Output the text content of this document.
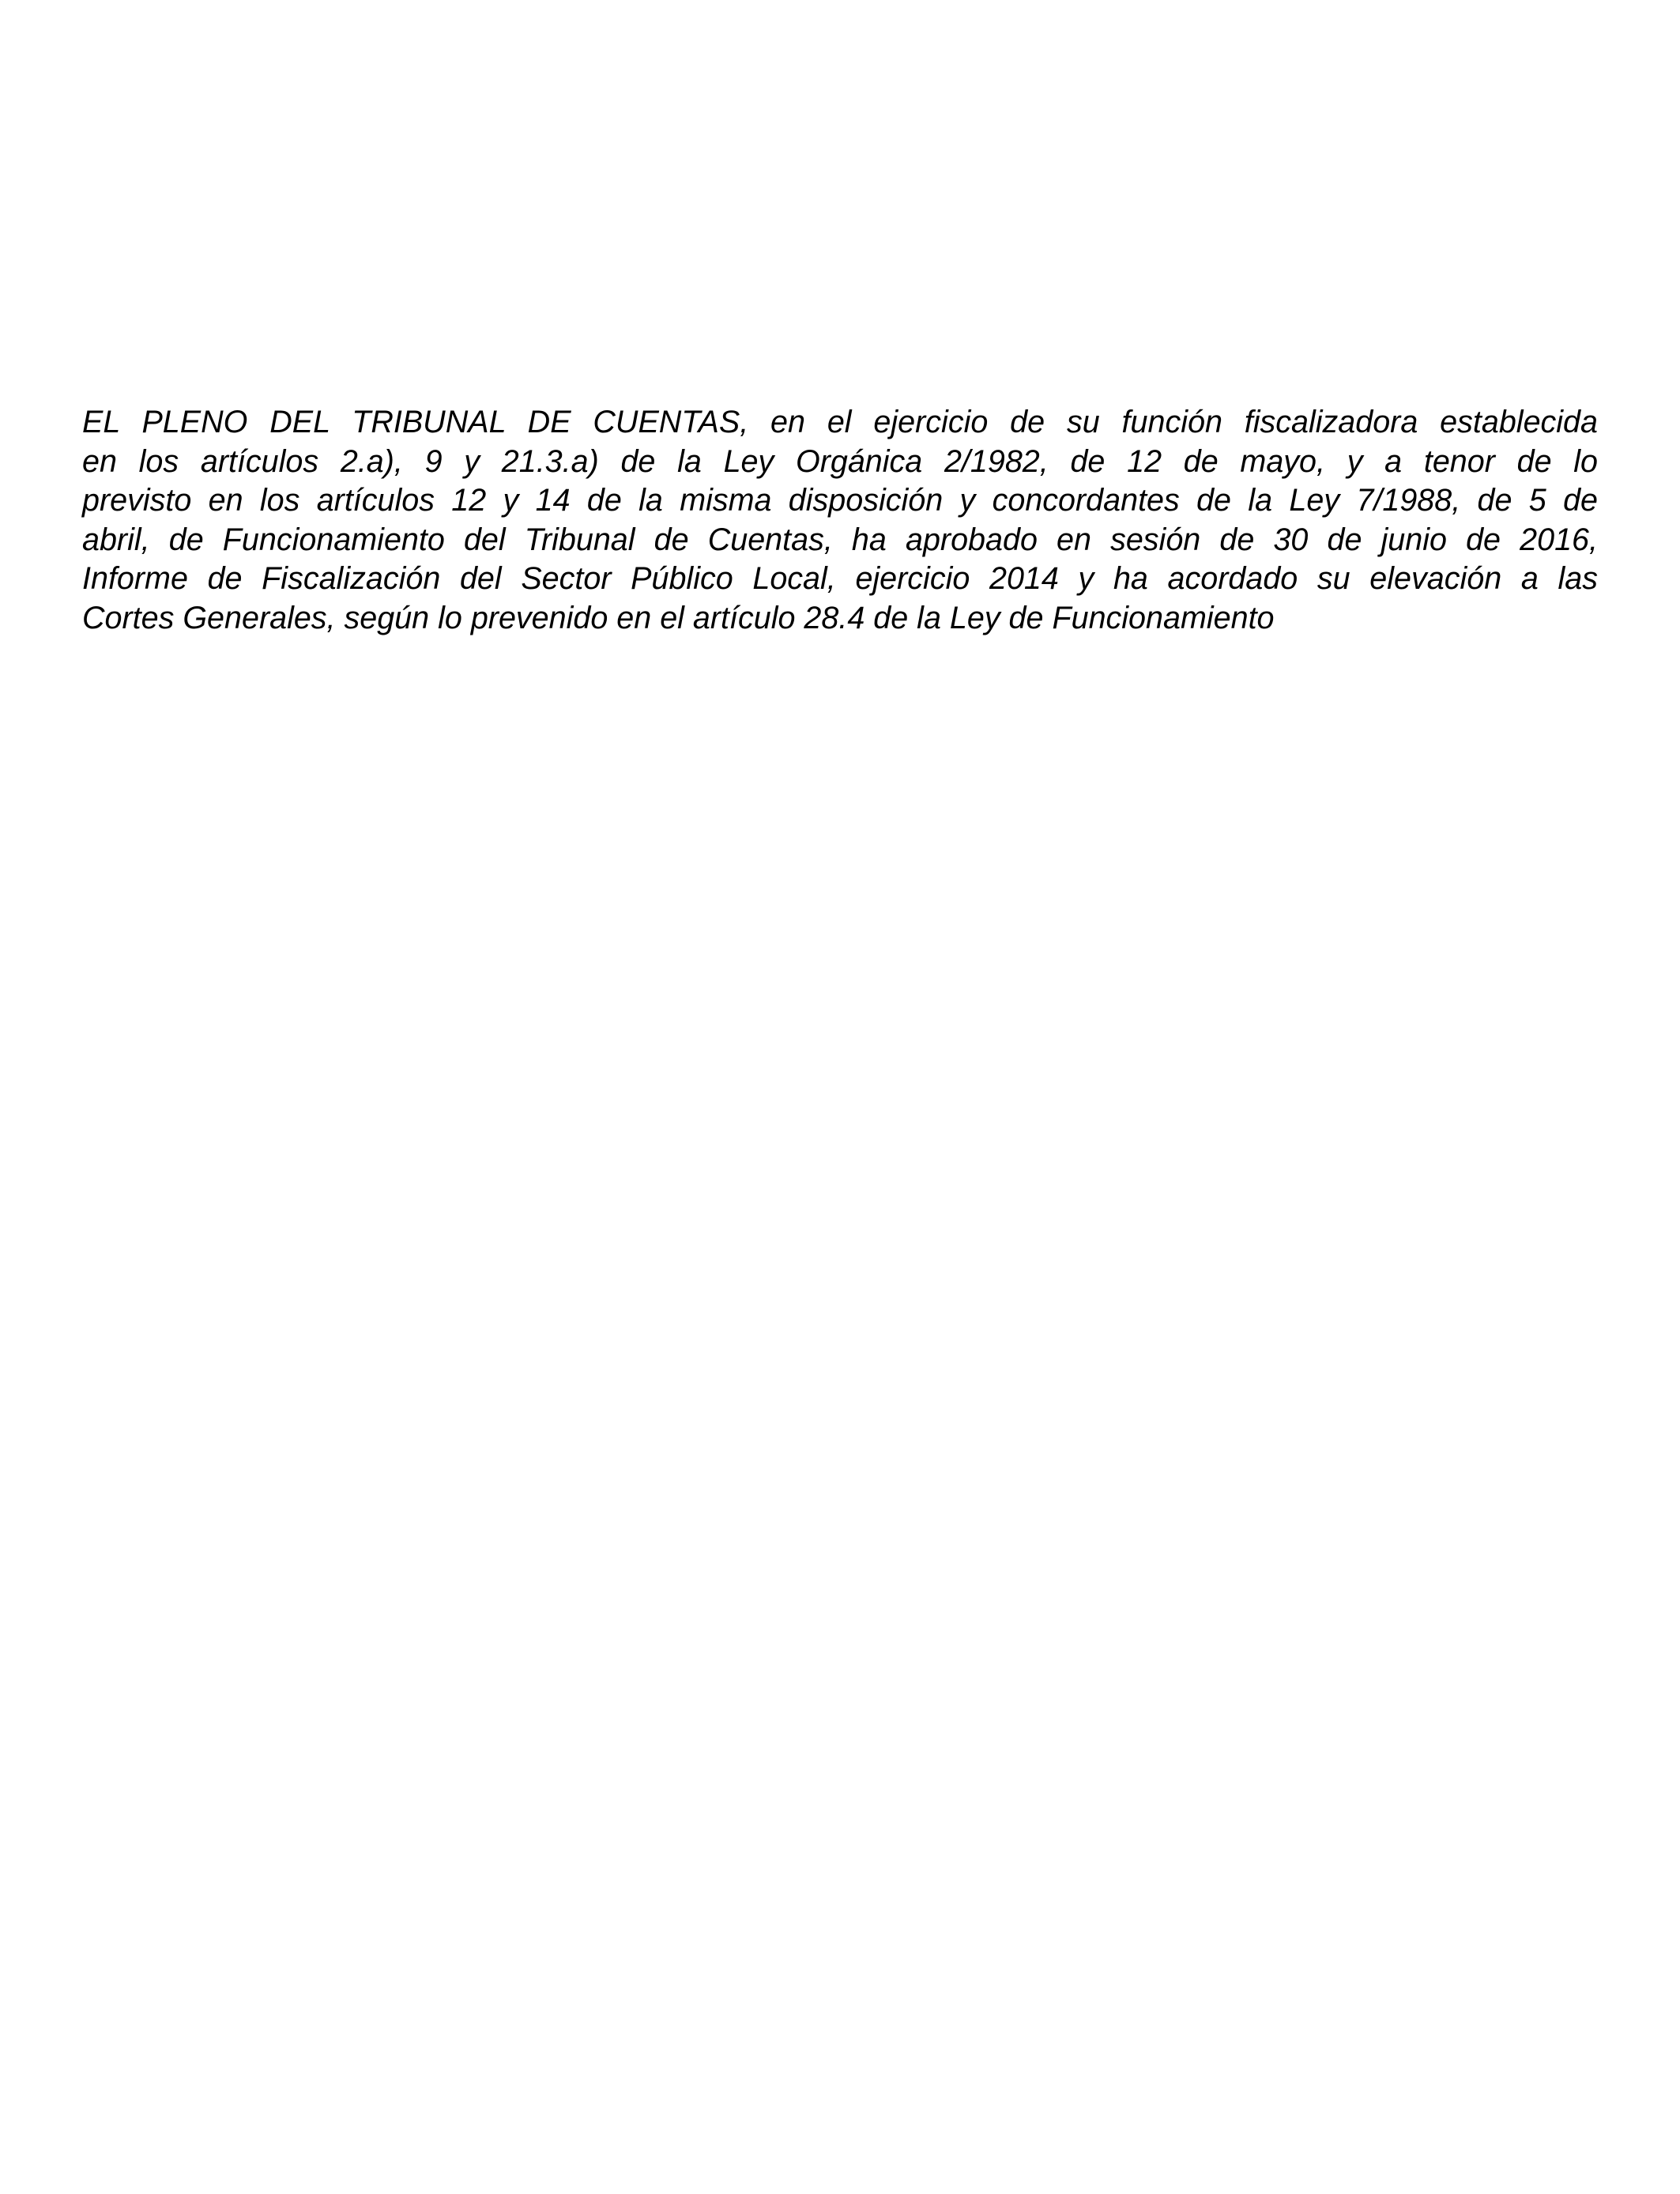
EL PLENO DEL TRIBUNAL DE CUENTAS, en el ejercicio de su función fiscalizadora establecida
en los artículos 2.a), 9 y 21.3.a) de la Ley Orgánica 2/1982, de 12 de mayo, y a tenor de lo
previsto en los artículos 12 y 14 de la misma disposición y concordantes de la Ley 7/1988, de 5 de
abril, de Funcionamiento del Tribunal de Cuentas, ha aprobado en sesión de 30 de junio de 2016,
Informe de Fiscalización del Sector Público Local, ejercicio 2014 y ha acordado su elevación a las
Cortes Generales, según lo prevenido en el artículo 28.4 de la Ley de Funcionamiento
